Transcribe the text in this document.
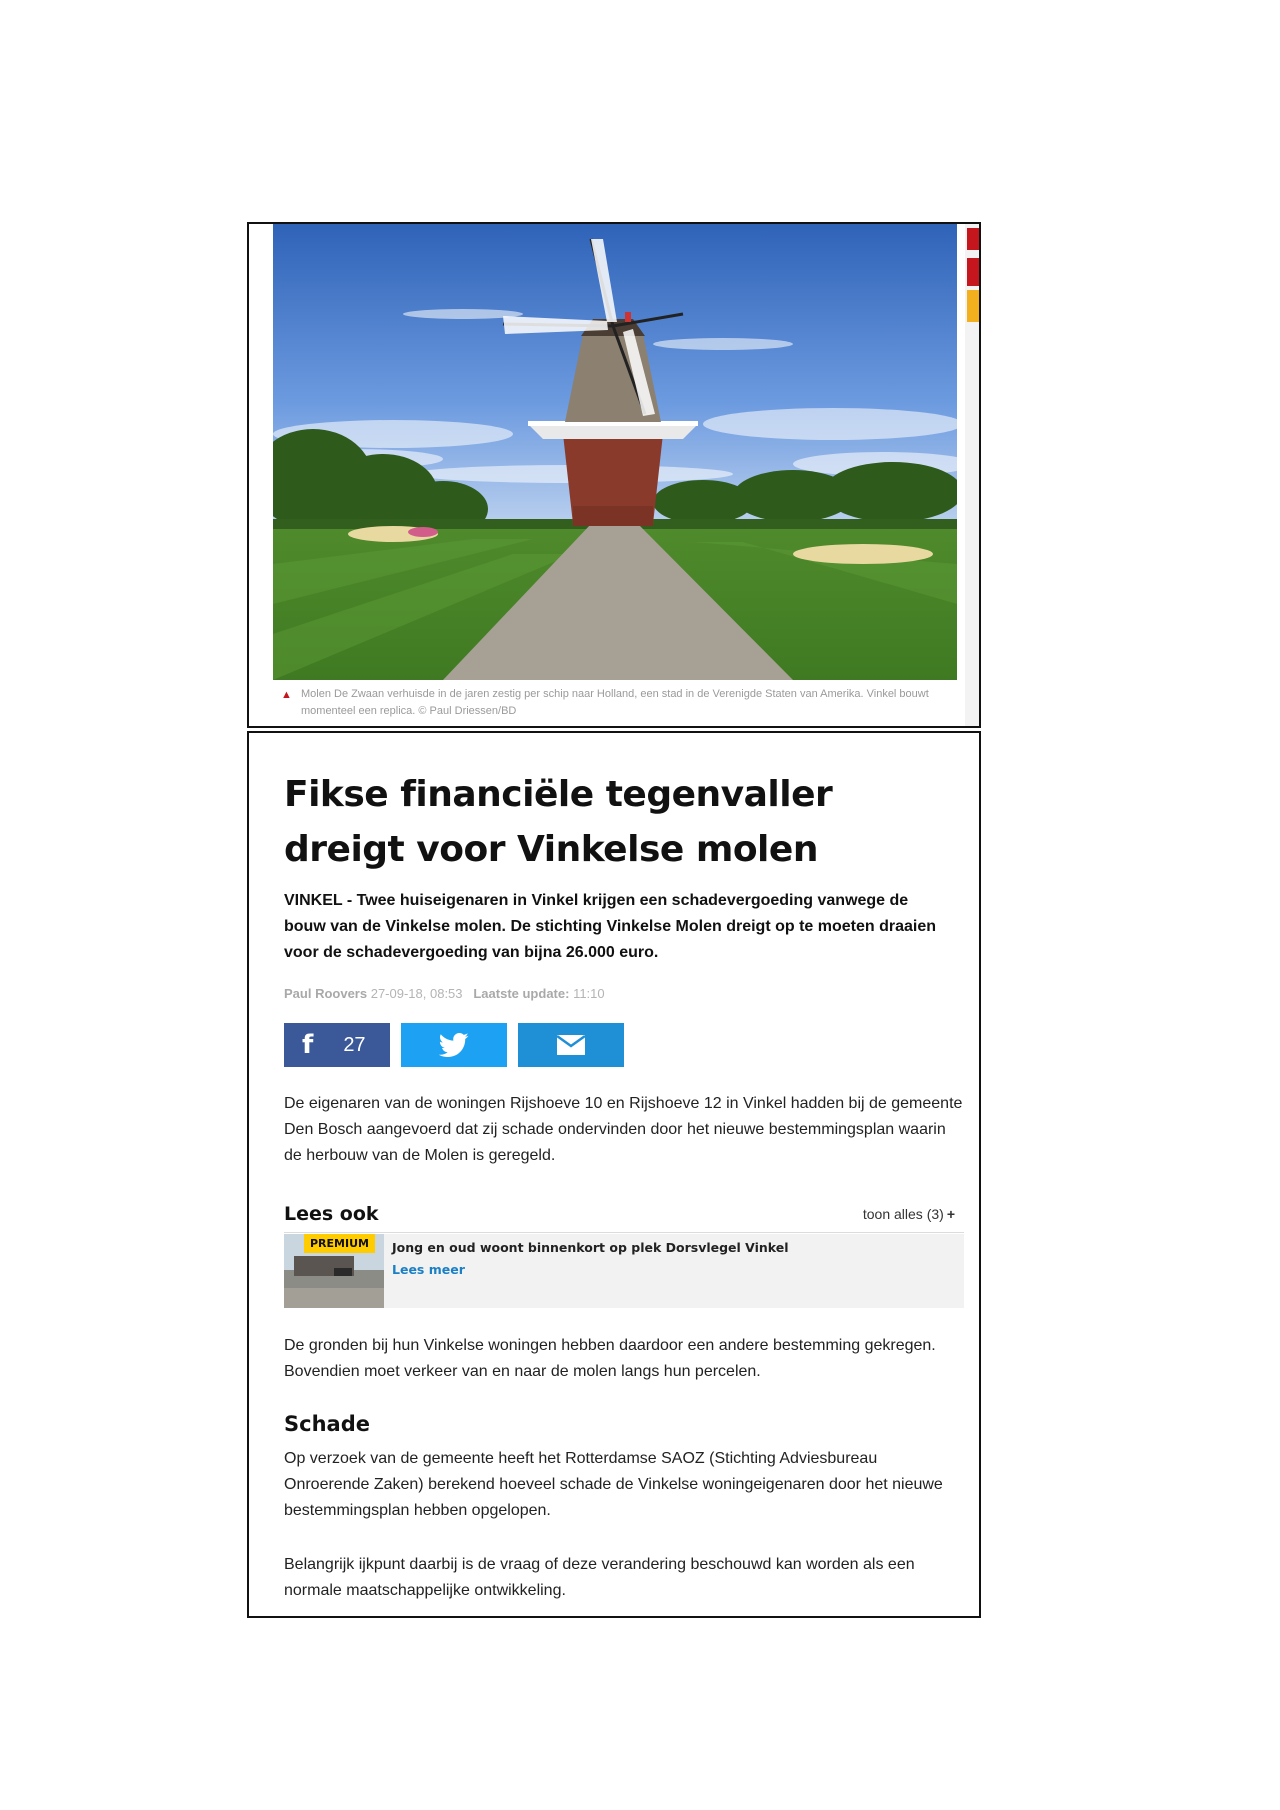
▲ Molen De Zwaan verhuisde in de jaren zestig per schip naar Holland, een stad in de Verenigde Staten van Amerika. Vinkel bouwt momenteel een replica. © Paul Driessen/BD
Fikse financiële tegenvaller dreigt voor Vinkelse molen

VINKEL - Twee huiseigenaren in Vinkel krijgen een schadevergoeding vanwege de bouw van de Vinkelse molen. De stichting Vinkelse Molen dreigt op te moeten draaien voor de schadevergoeding van bijna 26.000 euro.

Paul Roovers 27-09-18, 08:53 Laatste update: 11:10
f 27

De eigenaren van de woningen Rijshoeve 10 en Rijshoeve 12 in Vinkel hadden bij de gemeente Den Bosch aangevoerd dat zij schade ondervinden door het nieuwe bestemmingsplan waarin de herbouw van de Molen is geregeld.

Lees ook	toon alles (3) +
PREMIUM	Jong en oud woont binnenkort op plek Dorsvlegel Vinkel
Lees meer

De gronden bij hun Vinkelse woningen hebben daardoor een andere bestemming gekregen. Bovendien moet verkeer van en naar de molen langs hun percelen.

Schade

Op verzoek van de gemeente heeft het Rotterdamse SAOZ (Stichting Adviesbureau Onroerende Zaken) berekend hoeveel schade de Vinkelse woningeigenaren door het nieuwe bestemmingsplan hebben opgelopen.

Belangrijk ijkpunt daarbij is de vraag of deze verandering beschouwd kan worden als een normale maatschappelijke ontwikkeling.
